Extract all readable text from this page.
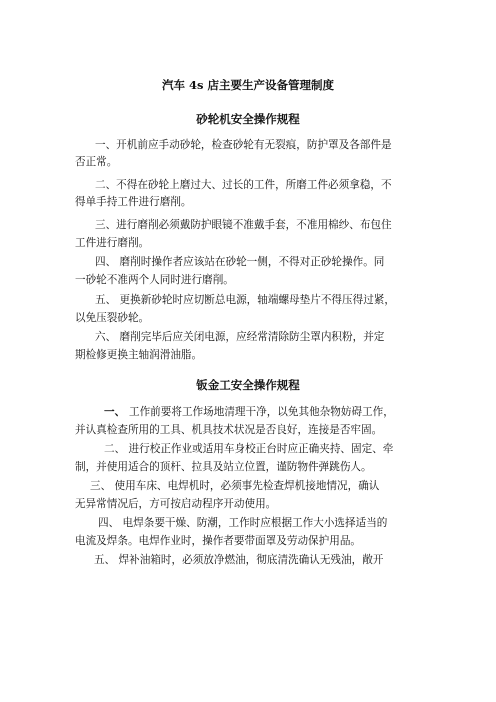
汽车 4s 店主要生产设备管理制度
砂轮机安全操作规程
一、开机前应手动砂轮，检查砂轮有无裂痕，防护罩及各部件是
否正常。
二、不得在砂轮上磨过大、过长的工件，所磨工件必须拿稳，不
得单手持工件进行磨削。
三、进行磨削必须戴防护眼镜不准戴手套，不准用棉纱、布包住
工件进行磨削。
四、 磨削时操作者应该站在砂轮一侧，不得对正砂轮操作。同
一砂轮不准两个人同时进行磨削。
五、 更换新砂轮时应切断总电源，轴端螺母垫片不得压得过紧，
以免压裂砂轮。
六、 磨削完毕后应关闭电源，应经常清除防尘罩内积粉，并定
期检修更换主轴润滑油脂。
钣金工安全操作规程
一、 工作前要将工作场地清理干净，以免其他杂物妨碍工作，
并认真检查所用的工具、机具技术状况是否良好，连接是否牢固。
二、 进行校正作业或适用车身校正台时应正确夹持、固定、牵
制，并使用适合的顶杆、拉具及站立位置，谨防物件弹跳伤人。
三、 使用车床、电焊机时，必须事先检查焊机接地情况，确认
无异常情况后，方可按启动程序开动使用。
四、 电焊条要干燥、防潮，工作时应根据工作大小选择适当的
电流及焊条。电焊作业时，操作者要带面罩及劳动保护用品。
五、 焊补油箱时，必须放净燃油，彻底清洗确认无残油，敞开
